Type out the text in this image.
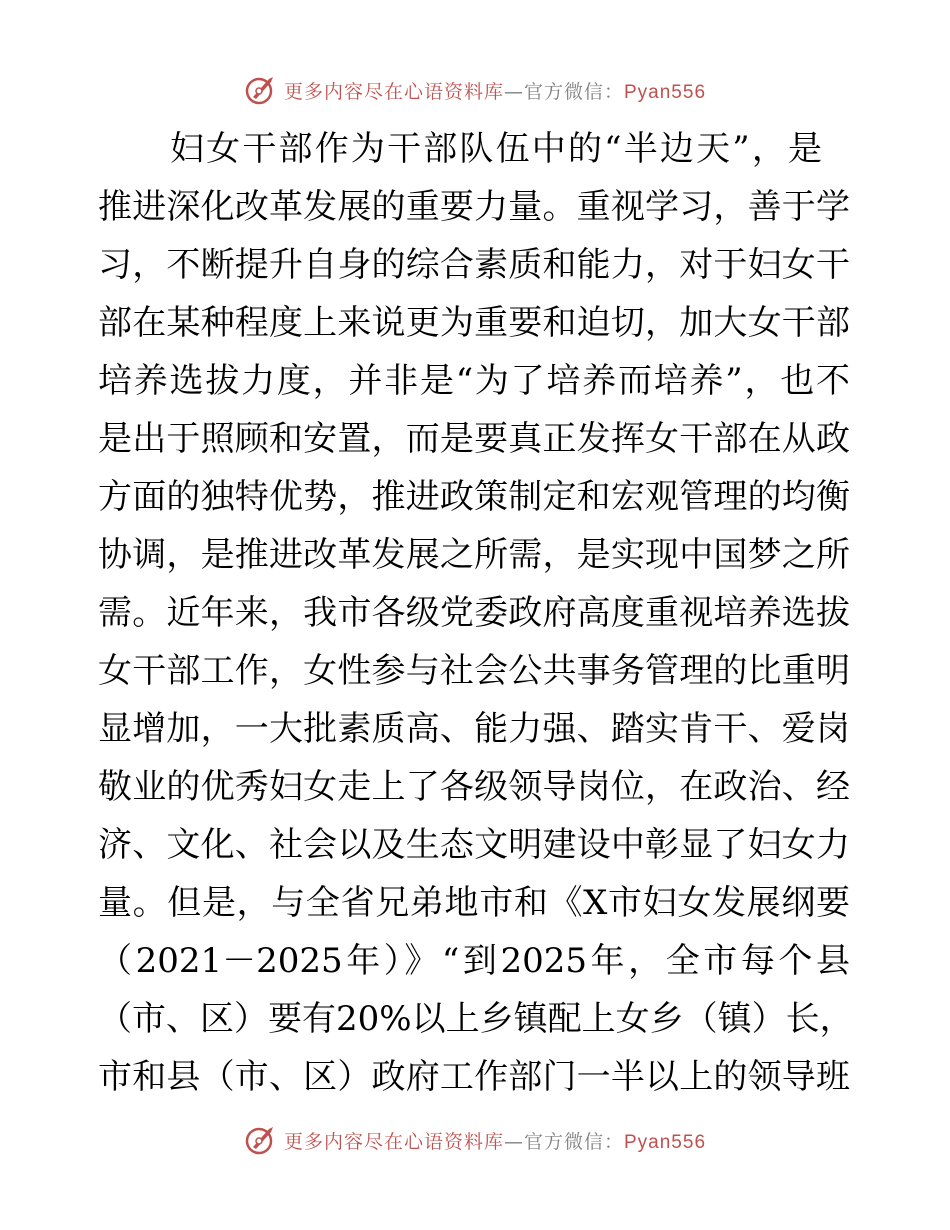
更多内容尽在心语资料库—官方微信：Pyan556
妇女干部作为干部队伍中的“半边天”，是
推进深化改革发展的重要力量。重视学习，善于学
习，不断提升自身的综合素质和能力，对于妇女干
部在某种程度上来说更为重要和迫切，加大女干部
培养选拔力度，并非是“为了培养而培养”，也不
是出于照顾和安置，而是要真正发挥女干部在从政
方面的独特优势，推进政策制定和宏观管理的均衡
协调，是推进改革发展之所需，是实现中国梦之所
需。近年来，我市各级党委政府高度重视培养选拔
女干部工作，女性参与社会公共事务管理的比重明
显增加，一大批素质高、能力强、踏实肯干、爱岗
敬业的优秀妇女走上了各级领导岗位，在政治、经
济、文化、社会以及生态文明建设中彰显了妇女力
量。但是，与全省兄弟地市和《X市妇女发展纲要
（2021－2025年）》“到2025年，全市每个县
（市、区）要有20%以上乡镇配上女乡（镇）长，
市和县（市、区）政府工作部门一半以上的领导班
更多内容尽在心语资料库—官方微信：Pyan556
